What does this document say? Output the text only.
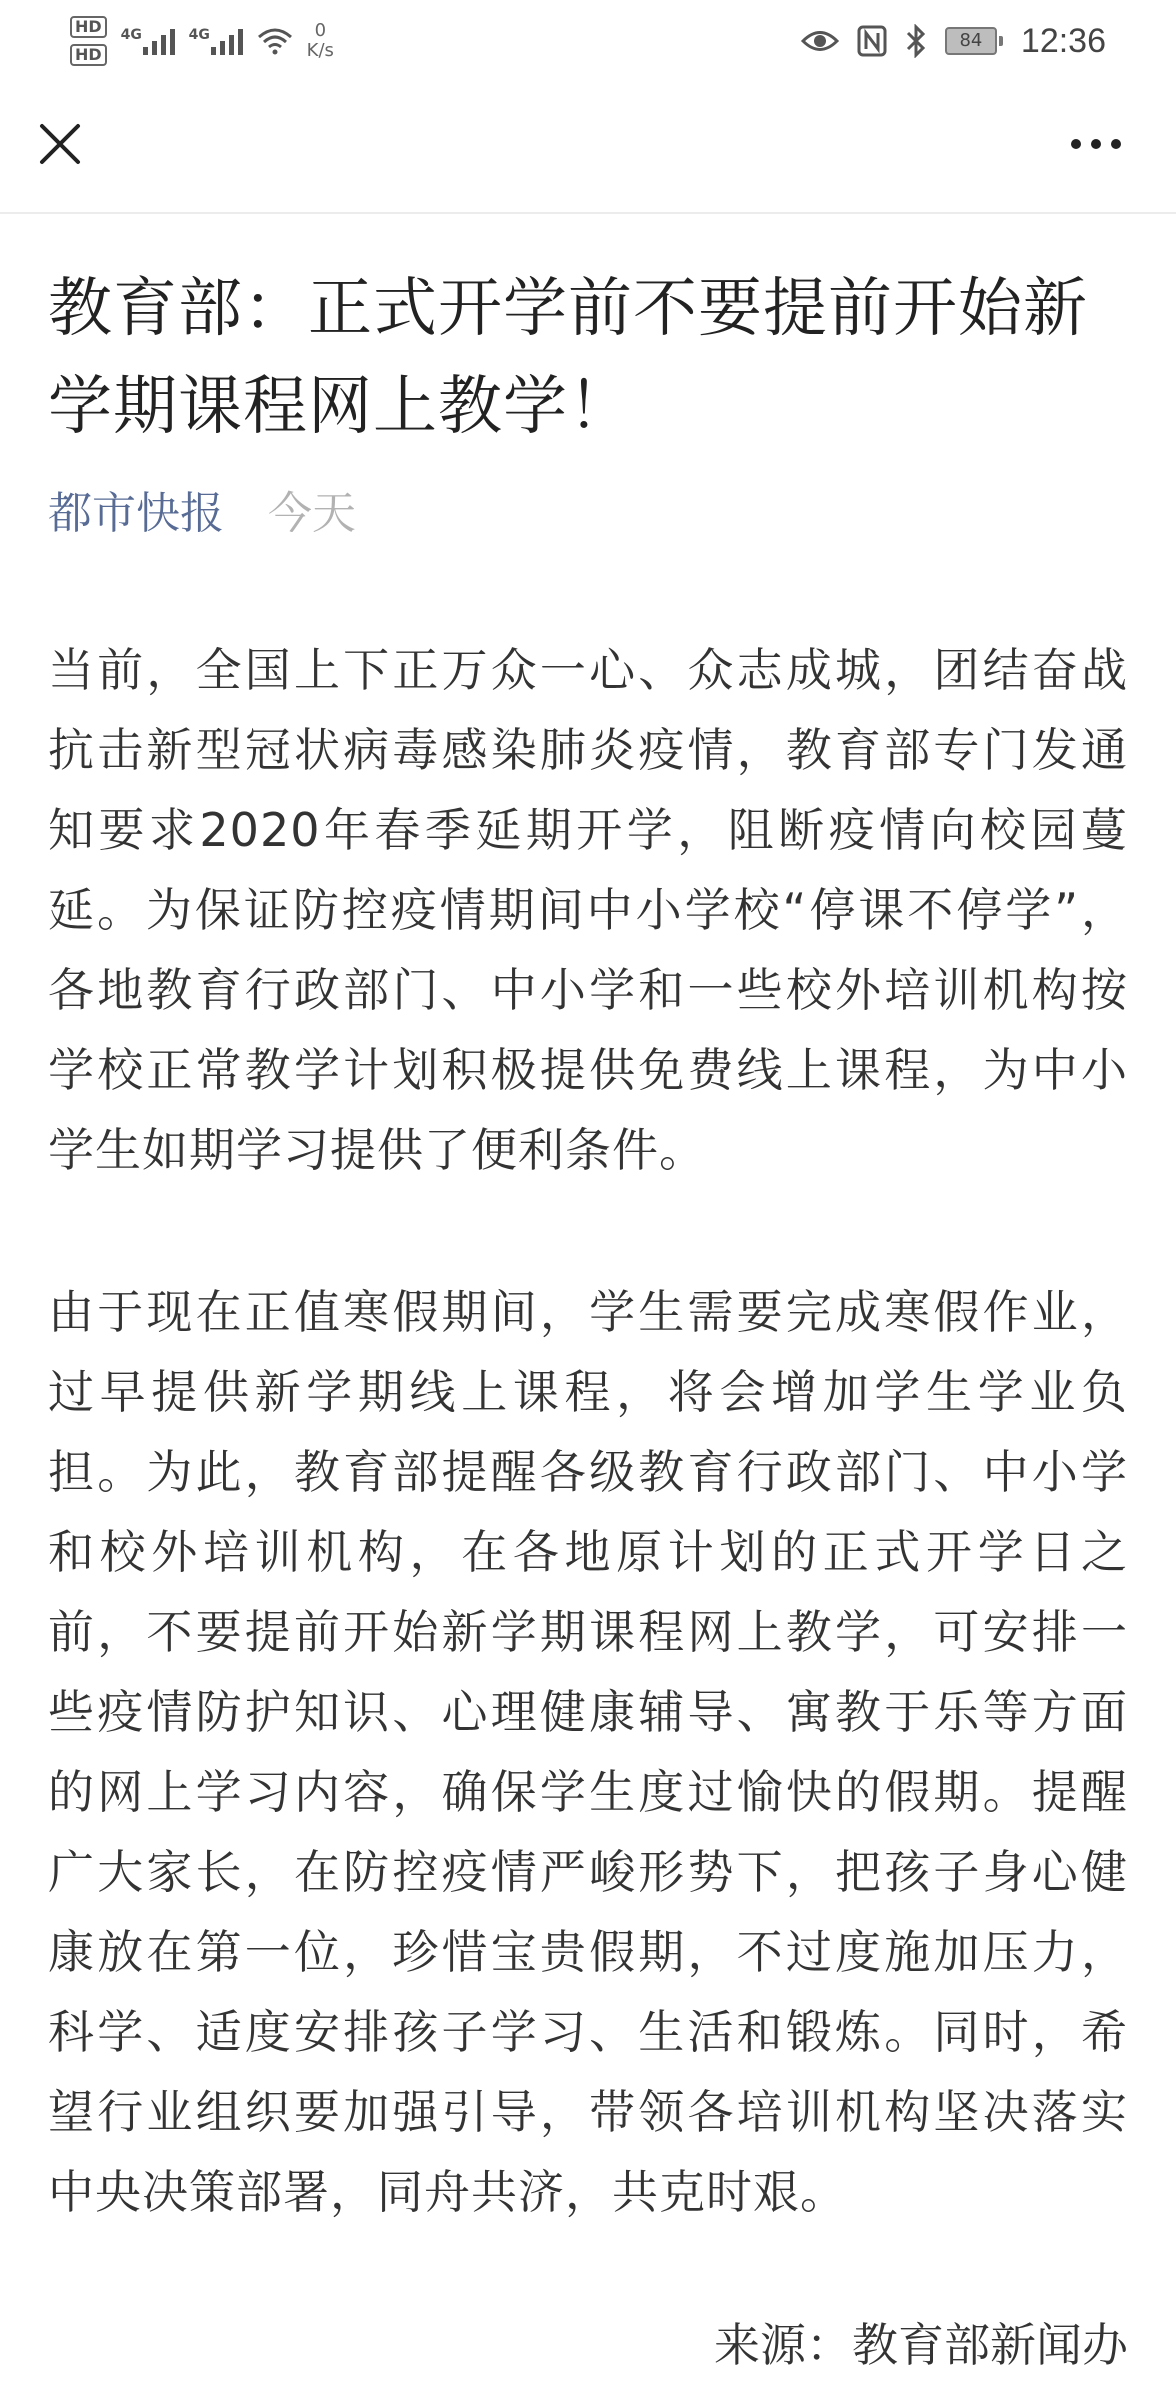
HD
HD
4G	4G	0
K/s	84	12:36
教育部：正式开学前不要提前开始新学期课程网上教学！
都市快报 今天

当前，全国上下正万众一心、众志成城，团结奋战抗击新型冠状病毒感染肺炎疫情，教育部专门发通知要求2020年春季延期开学，阻断疫情向校园蔓延。为保证防控疫情期间中小学校“停课不停学”，各地教育行政部门、中小学和一些校外培训机构按学校正常教学计划积极提供免费线上课程，为中小学生如期学习提供了便利条件。

由于现在正值寒假期间，学生需要完成寒假作业，过早提供新学期线上课程，将会增加学生学业负担。为此，教育部提醒各级教育行政部门、中小学和校外培训机构，在各地原计划的正式开学日之前，不要提前开始新学期课程网上教学，可安排一些疫情防护知识、心理健康辅导、寓教于乐等方面的网上学习内容，确保学生度过愉快的假期。提醒广大家长，在防控疫情严峻形势下，把孩子身心健康放在第一位，珍惜宝贵假期，不过度施加压力，科学、适度安排孩子学习、生活和锻炼。同时，希望行业组织要加强引导，带领各培训机构坚决落实中央决策部署，同舟共济，共克时艰。

来源：教育部新闻办
